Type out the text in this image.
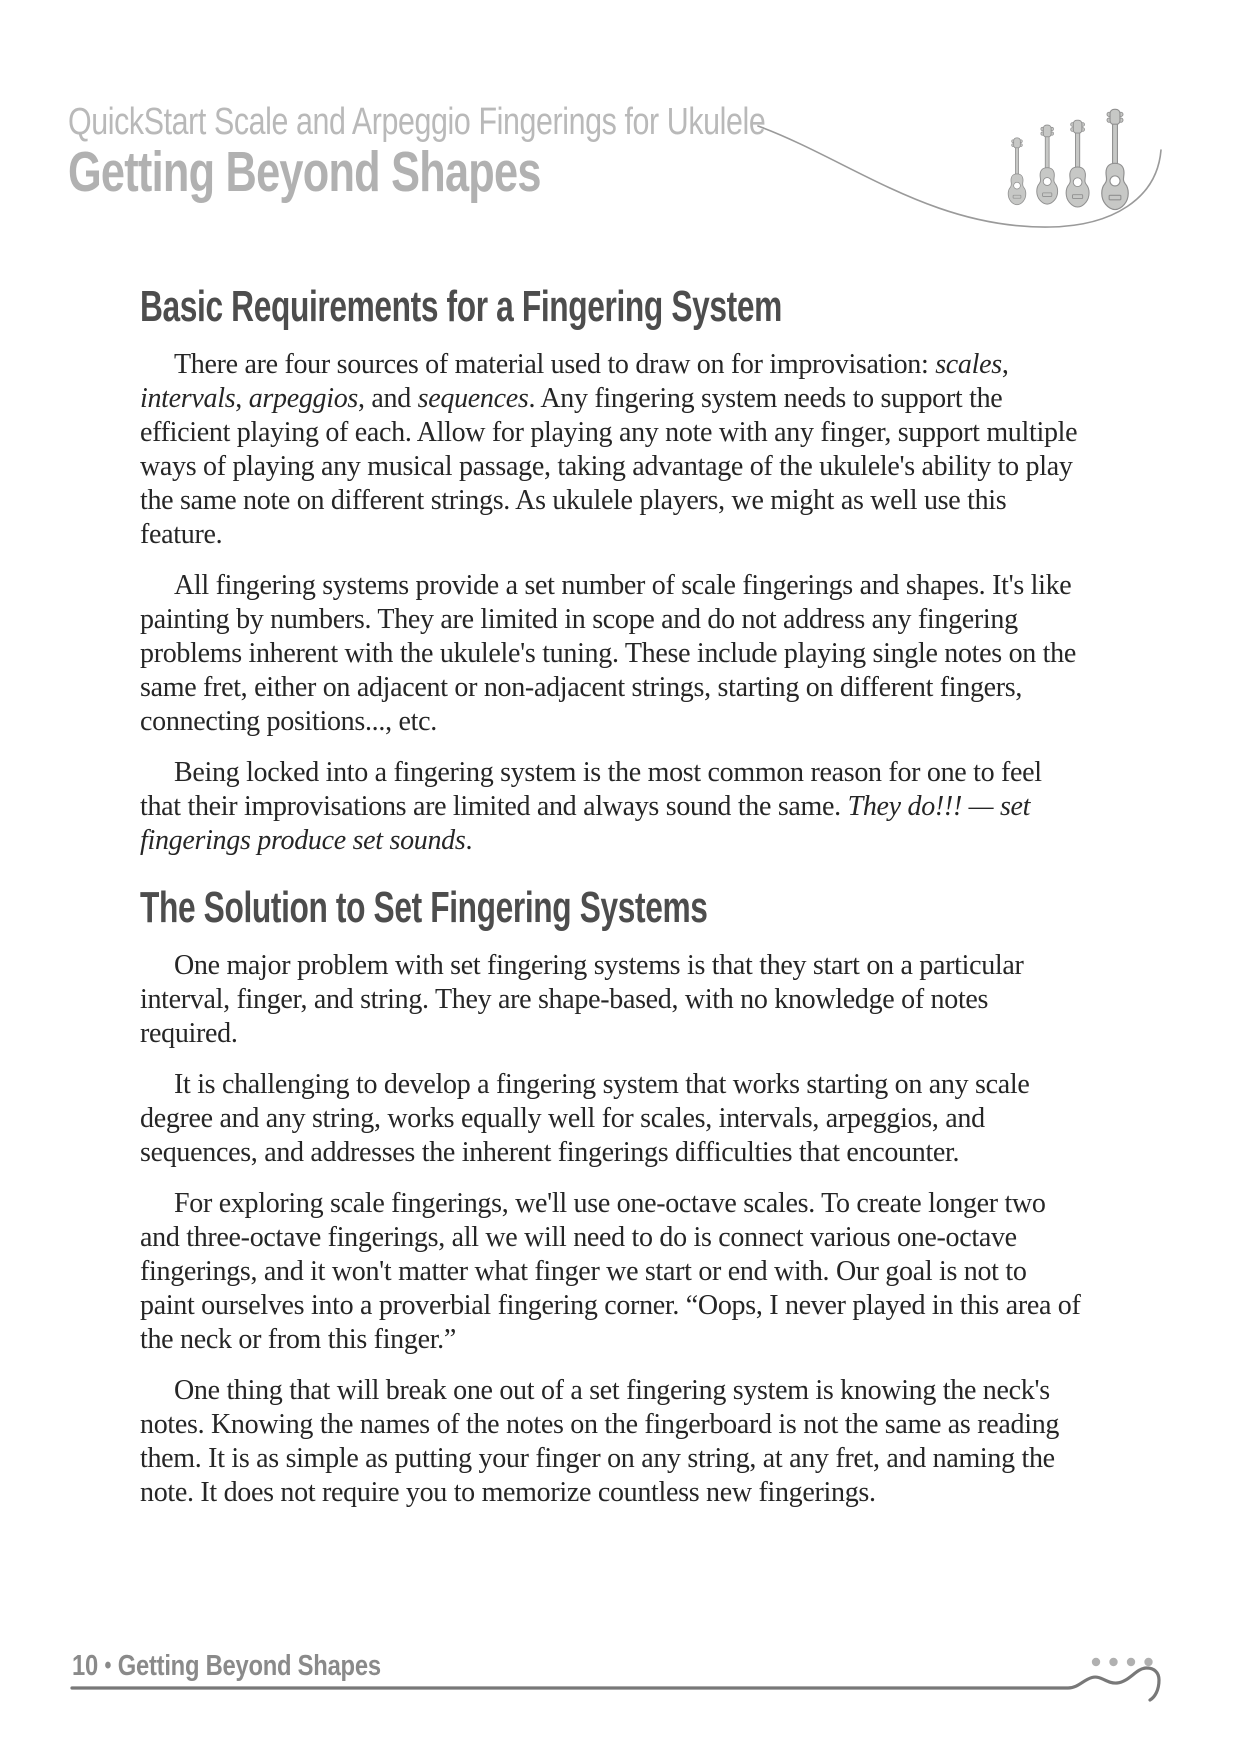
QuickStart Scale and Arpeggio Fingerings for Ukulele
Getting Beyond Shapes
Basic Requirements for a Fingering System

There are four sources of material used to draw on for improvisation: scales, intervals, arpeggios, and sequences. Any fingering system needs to support the efficient playing of each. Allow for playing any note with any finger, support multiple ways of playing any musical passage, taking advantage of the ukulele's ability to play the same note on different strings. As ukulele players, we might as well use this feature.

All fingering systems provide a set number of scale fingerings and shapes. It's like painting by numbers. They are limited in scope and do not address any fingering problems inherent with the ukulele's tuning. These include playing single notes on the same fret, either on adjacent or non-adjacent strings, starting on different fingers, connecting positions..., etc.

Being locked into a fingering system is the most common reason for one to feel that their improvisations are limited and always sound the same. They do!!! — set fingerings produce set sounds.

The Solution to Set Fingering Systems

One major problem with set fingering systems is that they start on a particular interval, finger, and string. They are shape-based, with no knowledge of notes required.

It is challenging to develop a fingering system that works starting on any scale degree and any string, works equally well for scales, intervals, arpeggios, and sequences, and addresses the inherent fingerings difficulties that encounter.

For exploring scale fingerings, we'll use one-octave scales. To create longer two and three-octave fingerings, all we will need to do is connect various one-octave fingerings, and it won't matter what finger we start or end with. Our goal is not to paint ourselves into a proverbial fingering corner. “Oops, I never played in this area of the neck or from this finger.”

One thing that will break one out of a set fingering system is knowing the neck's notes. Knowing the names of the notes on the fingerboard is not the same as reading them. It is as simple as putting your finger on any string, at any fret, and naming the note. It does not require you to memorize countless new fingerings.

10 • Getting Beyond Shapes
